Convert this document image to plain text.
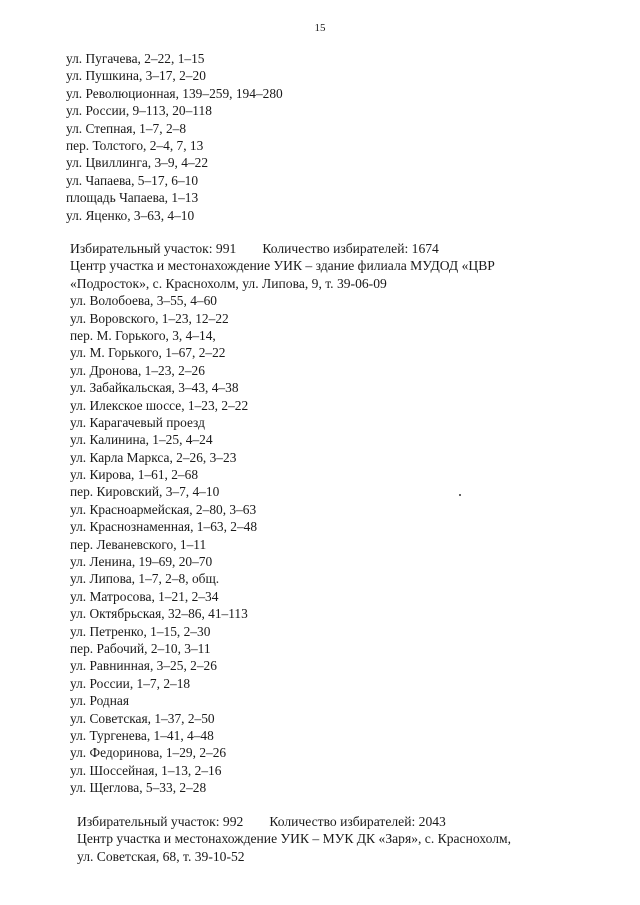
15
ул. Пугачева, 2–22, 1–15
ул. Пушкина, 3–17, 2–20
ул. Революционная, 139–259, 194–280
ул. России, 9–113, 20–118
ул. Степная, 1–7, 2–8
пер. Толстого, 2–4, 7, 13
ул. Цвиллинга, 3–9, 4–22
ул. Чапаева, 5–17, 6–10
площадь Чапаева, 1–13
ул. Яценко, 3–63, 4–10
Избирательный участок: 991 Количество избирателей: 1674
Центр участка и местонахождение УИК – здание филиала МУДОД «ЦВР
«Подросток», с. Краснохолм, ул. Липова, 9, т. 39-06-09
ул. Волобоева, 3–55, 4–60
ул. Воровского, 1–23, 12–22
пер. М. Горького, 3, 4–14,
ул. М. Горького, 1–67, 2–22
ул. Дронова, 1–23, 2–26
ул. Забайкальская, 3–43, 4–38
ул. Илекское шоссе, 1–23, 2–22
ул. Карагачевый проезд
ул. Калинина, 1–25, 4–24
ул. Карла Маркса, 2–26, 3–23
ул. Кирова, 1–61, 2–68
пер. Кировский, 3–7, 4–10
ул. Красноармейская, 2–80, 3–63
ул. Краснознаменная, 1–63, 2–48
пер. Леваневского, 1–11
ул. Ленина, 19–69, 20–70
ул. Липова, 1–7, 2–8, общ.
ул. Матросова, 1–21, 2–34
ул. Октябрьская, 32–86, 41–113
ул. Петренко, 1–15, 2–30
пер. Рабочий, 2–10, 3–11
ул. Равнинная, 3–25, 2–26
ул. России, 1–7, 2–18
ул. Родная
ул. Советская, 1–37, 2–50
ул. Тургенева, 1–41, 4–48
ул. Федоринова, 1–29, 2–26
ул. Шоссейная, 1–13, 2–16
ул. Щеглова, 5–33, 2–28
Избирательный участок: 992 Количество избирателей: 2043
Центр участка и местонахождение УИК – МУК ДК «Заря», с. Краснохолм,
ул. Советская, 68, т. 39-10-52
